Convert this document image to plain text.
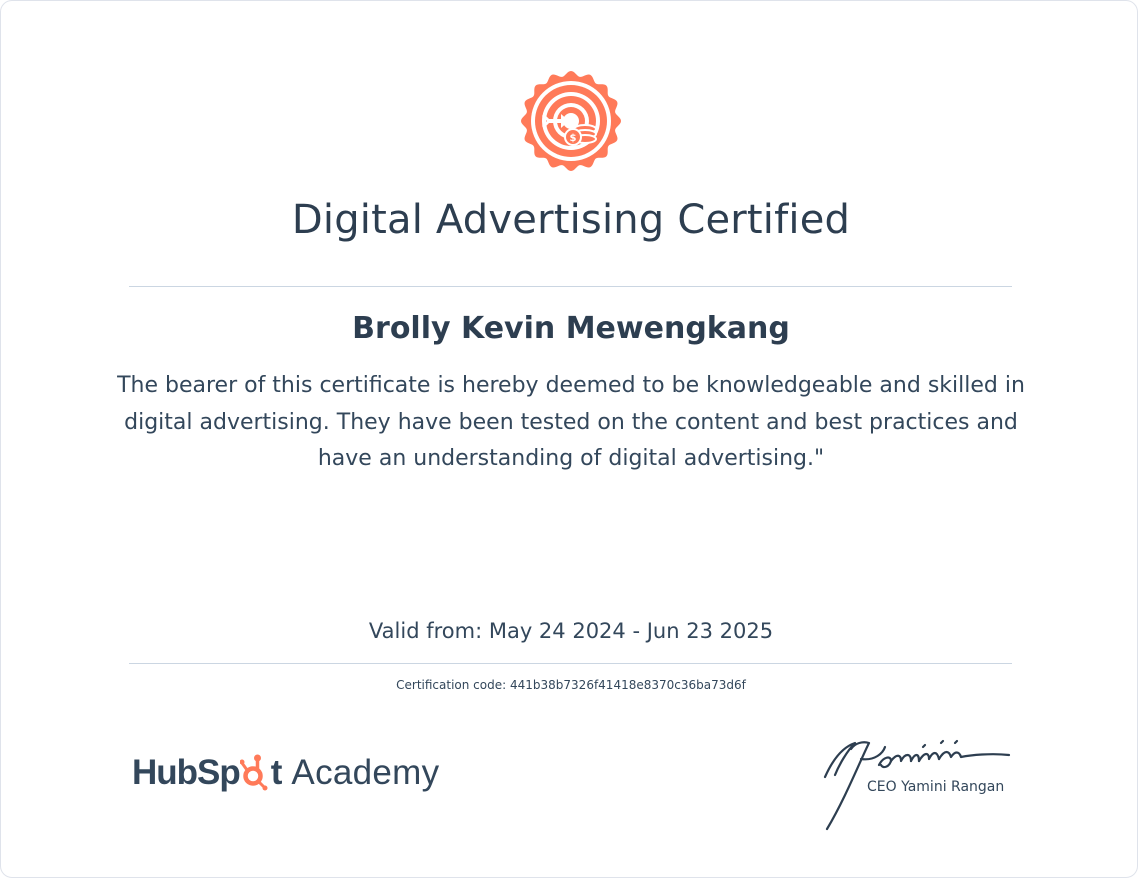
$
Digital Advertising Certified
Brolly Kevin Mewengkang
The bearer of this certificate is hereby deemed to be knowledgeable and skilled in digital advertising. They have been tested on the content and best practices and have an understanding of digital advertising."
Valid from: May 24 2024 - Jun 23 2025
Certification code: 441b38b7326f41418e8370c36ba73d6f
HubSp t Academy	CEO Yamini Rangan
